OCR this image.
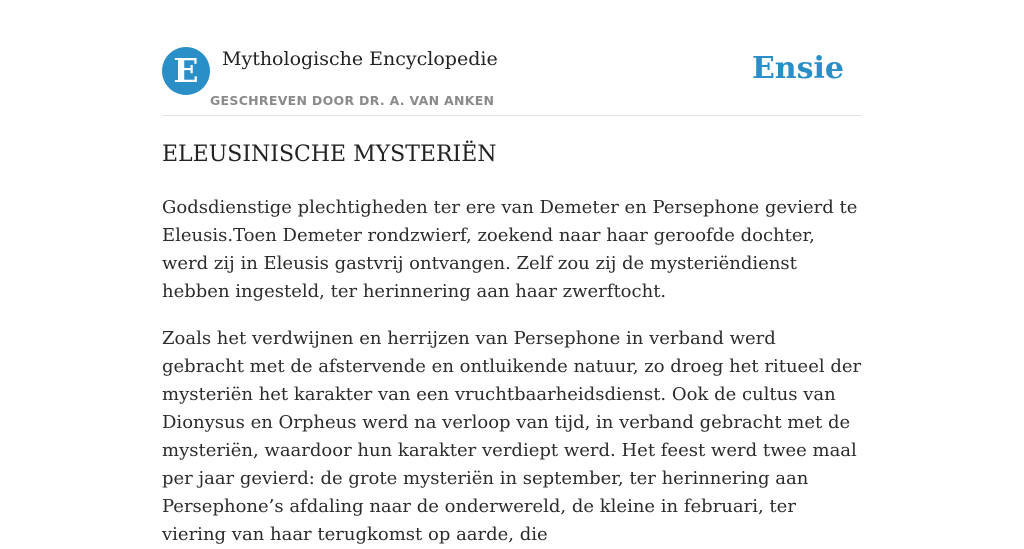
E	Mythologische Encyclopedie
GESCHREVEN DOOR DR. A. VAN ANKEN
Ensie
ELEUSINISCHE MYSTERIËN

Godsdienstige plechtigheden ter ere van Demeter en Persephone gevierd te Eleusis.Toen Demeter rondzwierf, zoekend naar haar geroofde dochter, werd zij in Eleusis gastvrij ontvangen. Zelf zou zij de mysteriëndienst hebben ingesteld, ter herinnering aan haar zwerftocht.

Zoals het verdwijnen en herrijzen van Persephone in verband werd gebracht met de afstervende en ontluikende natuur, zo droeg het ritueel der mysteriën het karakter van een vruchtbaarheidsdienst. Ook de cultus van Dionysus en Orpheus werd na verloop van tijd, in verband gebracht met de mysteriën, waardoor hun karakter verdiept werd. Het feest werd twee maal per jaar gevierd: de grote mysteriën in september, ter herinnering aan Persephone’s afdaling naar de onderwereld, de kleine in februari, ter viering van haar terugkomst op aarde, die
